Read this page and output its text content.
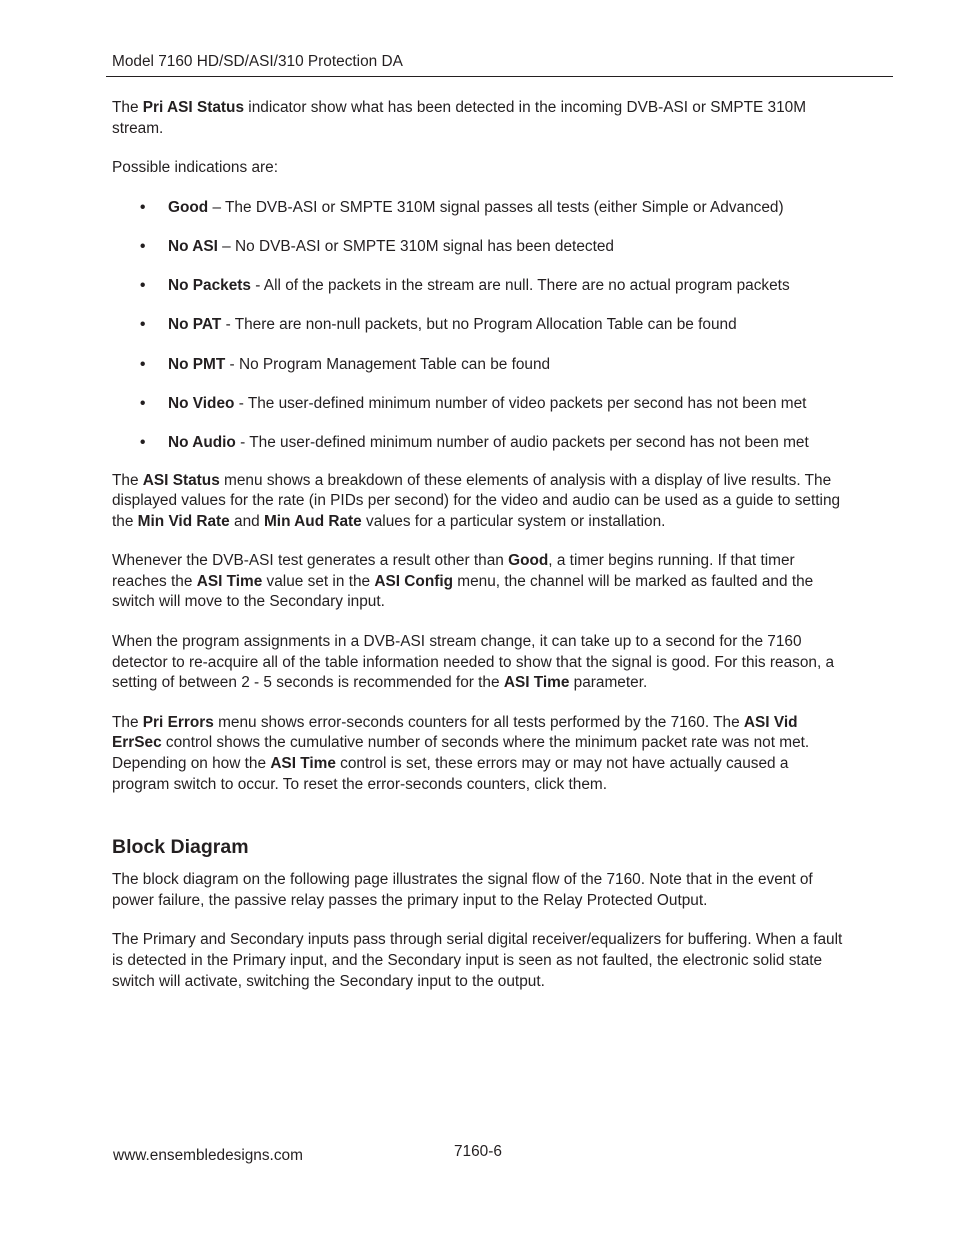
Model 7160 HD/SD/ASI/310 Protection DA

The Pri ASI Status indicator show what has been detected in the incoming DVB-ASI or SMPTE 310M stream.

Possible indications are:

• Good – The DVB-ASI or SMPTE 310M signal passes all tests (either Simple or Advanced)
• No ASI – No DVB-ASI or SMPTE 310M signal has been detected
• No Packets - All of the packets in the stream are null. There are no actual program packets
• No PAT - There are non-null packets, but no Program Allocation Table can be found
• No PMT - No Program Management Table can be found
• No Video - The user-defined minimum number of video packets per second has not been met
• No Audio - The user-defined minimum number of audio packets per second has not been met

The ASI Status menu shows a breakdown of these elements of analysis with a display of live results. The displayed values for the rate (in PIDs per second) for the video and audio can be used as a guide to setting the Min Vid Rate and Min Aud Rate values for a particular system or installation.

Whenever the DVB-ASI test generates a result other than Good, a timer begins running. If that timer reaches the ASI Time value set in the ASI Config menu, the channel will be marked as faulted and the switch will move to the Secondary input.

When the program assignments in a DVB-ASI stream change, it can take up to a second for the 7160 detector to re-acquire all of the table information needed to show that the signal is good. For this reason, a setting of between 2 - 5 seconds is recommended for the ASI Time parameter.

The Pri Errors menu shows error-seconds counters for all tests performed by the 7160. The ASI Vid ErrSec control shows the cumulative number of seconds where the minimum packet rate was not met. Depending on how the ASI Time control is set, these errors may or may not have actually caused a program switch to occur. To reset the error-seconds counters, click them.

Block Diagram

The block diagram on the following page illustrates the signal flow of the 7160. Note that in the event of power failure, the passive relay passes the primary input to the Relay Protected Output.

The Primary and Secondary inputs pass through serial digital receiver/equalizers for buffering. When a fault is detected in the Primary input, and the Secondary input is seen as not faulted, the electronic solid state switch will activate, switching the Secondary input to the output.

www.ensembledesigns.com	7160-6
